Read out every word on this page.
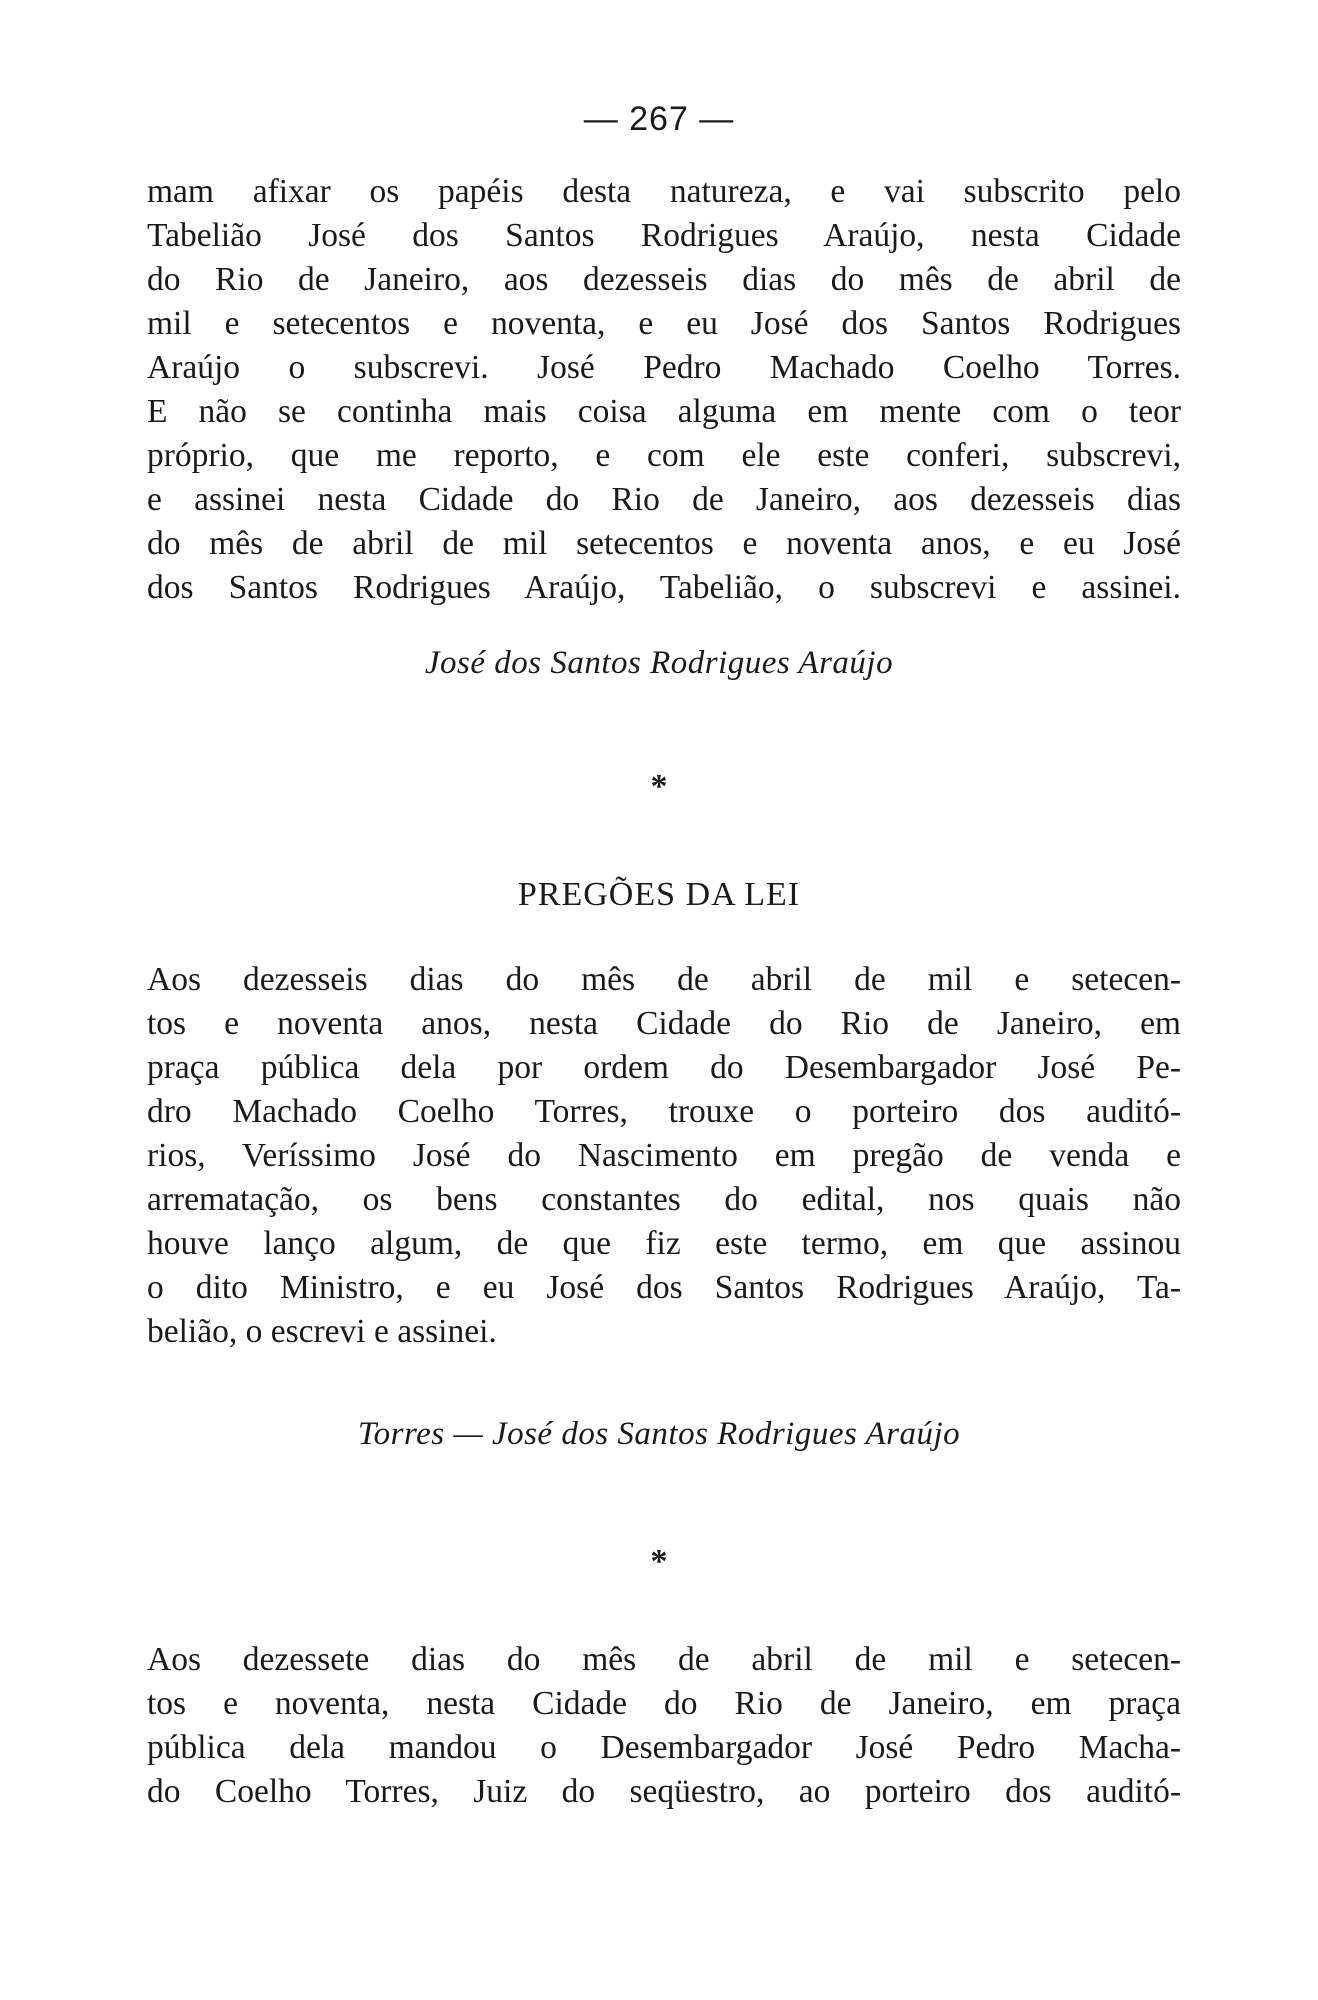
— 267 —
mam afixar os papéis desta natureza, e vai subscrito pelo
Tabelião José dos Santos Rodrigues Araújo, nesta Cidade
do Rio de Janeiro, aos dezesseis dias do mês de abril de
mil e setecentos e noventa, e eu José dos Santos Rodrigues
Araújo o subscrevi. José Pedro Machado Coelho Torres.
E não se continha mais coisa alguma em mente com o teor
próprio, que me reporto, e com ele este conferi, subscrevi,
e assinei nesta Cidade do Rio de Janeiro, aos dezesseis dias
do mês de abril de mil setecentos e noventa anos, e eu José
dos Santos Rodrigues Araújo, Tabelião, o subscrevi e assinei.
José dos Santos Rodrigues Araújo
*
PREGÕES DA LEI
Aos dezesseis dias do mês de abril de mil e setecen-
tos e noventa anos, nesta Cidade do Rio de Janeiro, em
praça pública dela por ordem do Desembargador José Pe-
dro Machado Coelho Torres, trouxe o porteiro dos auditó-
rios, Veríssimo José do Nascimento em pregão de venda e
arrematação, os bens constantes do edital, nos quais não
houve lanço algum, de que fiz este termo, em que assinou
o dito Ministro, e eu José dos Santos Rodrigues Araújo, Ta-
belião, o escrevi e assinei.
Torres — José dos Santos Rodrigues Araújo
*
Aos dezessete dias do mês de abril de mil e setecen-
tos e noventa, nesta Cidade do Rio de Janeiro, em praça
pública dela mandou o Desembargador José Pedro Macha-
do Coelho Torres, Juiz do seqüestro, ao porteiro dos auditó-
